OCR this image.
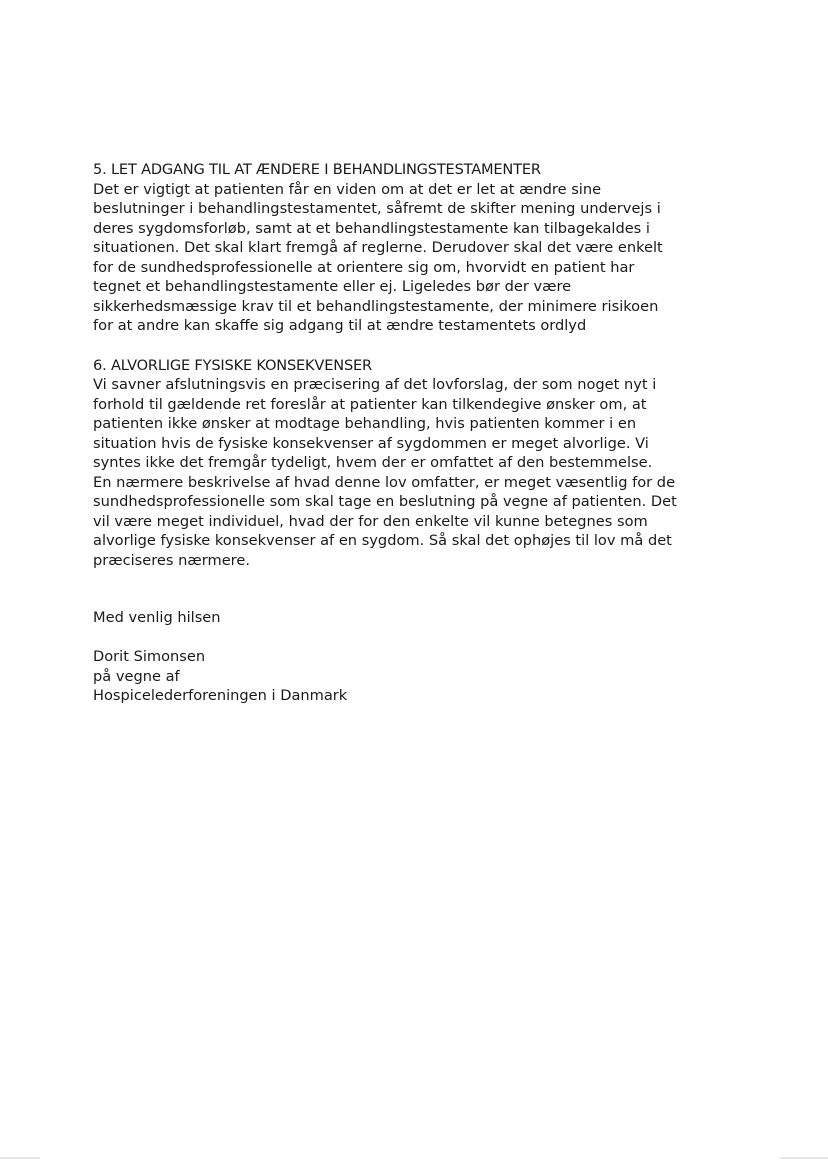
5. LET ADGANG TIL AT ÆNDERE I BEHANDLINGSTESTAMENTER
Det er vigtigt at patienten får en viden om at det er let at ændre sine
beslutninger i behandlingstestamentet, såfremt de skifter mening undervejs i
deres sygdomsforløb, samt at et behandlingstestamente kan tilbagekaldes i
situationen. Det skal klart fremgå af reglerne. Derudover skal det være enkelt
for de sundhedsprofessionelle at orientere sig om, hvorvidt en patient har
tegnet et behandlingstestamente eller ej. Ligeledes bør der være
sikkerhedsmæssige krav til et behandlingstestamente, der minimere risikoen
for at andre kan skaffe sig adgang til at ændre testamentets ordlyd
6. ALVORLIGE FYSISKE KONSEKVENSER
Vi savner afslutningsvis en præcisering af det lovforslag, der som noget nyt i
forhold til gældende ret foreslår at patienter kan tilkendegive ønsker om, at
patienten ikke ønsker at modtage behandling, hvis patienten kommer i en
situation hvis de fysiske konsekvenser af sygdommen er meget alvorlige. Vi
syntes ikke det fremgår tydeligt, hvem der er omfattet af den bestemmelse.
En nærmere beskrivelse af hvad denne lov omfatter, er meget væsentlig for de
sundhedsprofessionelle som skal tage en beslutning på vegne af patienten. Det
vil være meget individuel, hvad der for den enkelte vil kunne betegnes som
alvorlige fysiske konsekvenser af en sygdom. Så skal det ophøjes til lov må det
præciseres nærmere.
Med venlig hilsen
Dorit Simonsen
på vegne af
Hospicelederforeningen i Danmark
